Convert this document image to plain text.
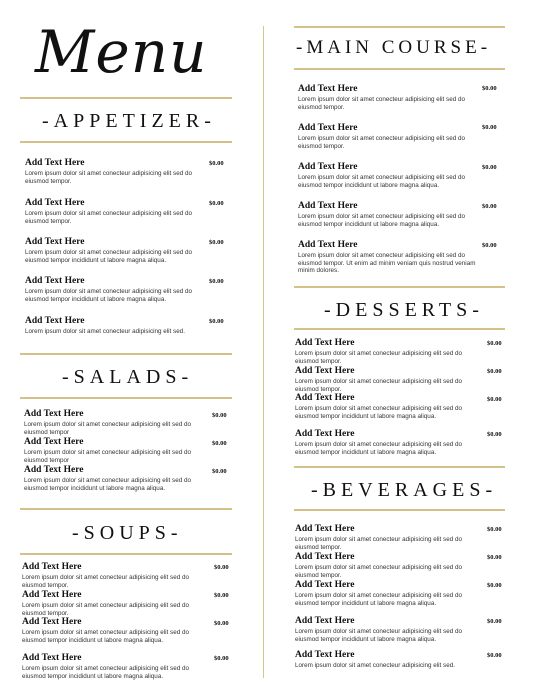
Menu
-APPETIZER-
Add Text Here
Lorem ipsum dolor sit amet conecteur adipisicing elit sed do eiusmod tempor.
$0.00
Add Text Here
Lorem ipsum dolor sit amet conecteur adipisicing elit sed do eiusmod tempor.
$0.00
Add Text Here
Lorem ipsum dolor sit amet conecteur adipisicing elit sed do eiusmod tempor incididunt ut labore magna aliqua.
$0.00
Add Text Here
Lorem ipsum dolor sit amet conecteur adipisicing elit sed do eiusmod tempor incididunt ut labore magna aliqua.
$0.00
Add Text Here
Lorem ipsum dolor sit amet conecteur adipisicing elit sed.
$0.00
-SALADS-
Add Text Here
Lorem ipsum dolor sit amet conecteur adipisicing elit sed do eiusmod tempor
$0.00
Add Text Here
Lorem ipsum dolor sit amet conecteur adipisicing elit sed do eiusmod tempor
$0.00
Add Text Here
Lorem ipsum dolor sit amet conecteur adipisicing elit sed do eiusmod tempor incididunt ut labore magna aliqua.
$0.00
-SOUPS-
Add Text Here
Lorem ipsum dolor sit amet conecteur adipisicing elit sed do eiusmod tempor.
$0.00
Add Text Here
Lorem ipsum dolor sit amet conecteur adipisicing elit sed do eiusmod tempor.
$0.00
Add Text Here
Lorem ipsum dolor sit amet conecteur adipisicing elit sed do eiusmod tempor incididunt ut labore magna aliqua.
$0.00
Add Text Here
Lorem ipsum dolor sit amet conecteur adipisicing elit sed do eiusmod tempor incididunt ut labore magna aliqua.
$0.00
-MAIN COURSE-
Add Text Here
Lorem ipsum dolor sit amet conecteur adipisicing elit sed do eiusmod tempor.
$0.00
Add Text Here
Lorem ipsum dolor sit amet conecteur adipisicing elit sed do eiusmod tempor.
$0.00
Add Text Here
Lorem ipsum dolor sit amet conecteur adipisicing elit sed do eiusmod tempor incididunt ut labore magna aliqua.
$0.00
Add Text Here
Lorem ipsum dolor sit amet conecteur adipisicing elit sed do eiusmod tempor incididunt ut labore magna aliqua.
$0.00
Add Text Here
Lorem ipsum dolor sit amet conecteur adipisicing elit sed do eiusmod tempor. Ut enim ad minim veniam quis nostrud veniam minim dolores.
$0.00
-DESSERTS-
Add Text Here
Lorem ipsum dolor sit amet conecteur adipisicing elit sed do eiusmod tempor.
$0.00
Add Text Here
Lorem ipsum dolor sit amet conecteur adipisicing elit sed do eiusmod tempor.
$0.00
Add Text Here
Lorem ipsum dolor sit amet conecteur adipisicing elit sed do eiusmod tempor incididunt ut labore magna aliqua.
$0.00
Add Text Here
Lorem ipsum dolor sit amet conecteur adipisicing elit sed do eiusmod tempor incididunt ut labore magna aliqua.
$0.00
-BEVERAGES-
Add Text Here
Lorem ipsum dolor sit amet conecteur adipisicing elit sed do eiusmod tempor.
$0.00
Add Text Here
Lorem ipsum dolor sit amet conecteur adipisicing elit sed do eiusmod tempor.
$0.00
Add Text Here
Lorem ipsum dolor sit amet conecteur adipisicing elit sed do eiusmod tempor incididunt ut labore magna aliqua.
$0.00
Add Text Here
Lorem ipsum dolor sit amet conecteur adipisicing elit sed do eiusmod tempor incididunt ut labore magna aliqua.
$0.00
Add Text Here
Lorem ipsum dolor sit amet conecteur adipisicing elit sed.
$0.00
